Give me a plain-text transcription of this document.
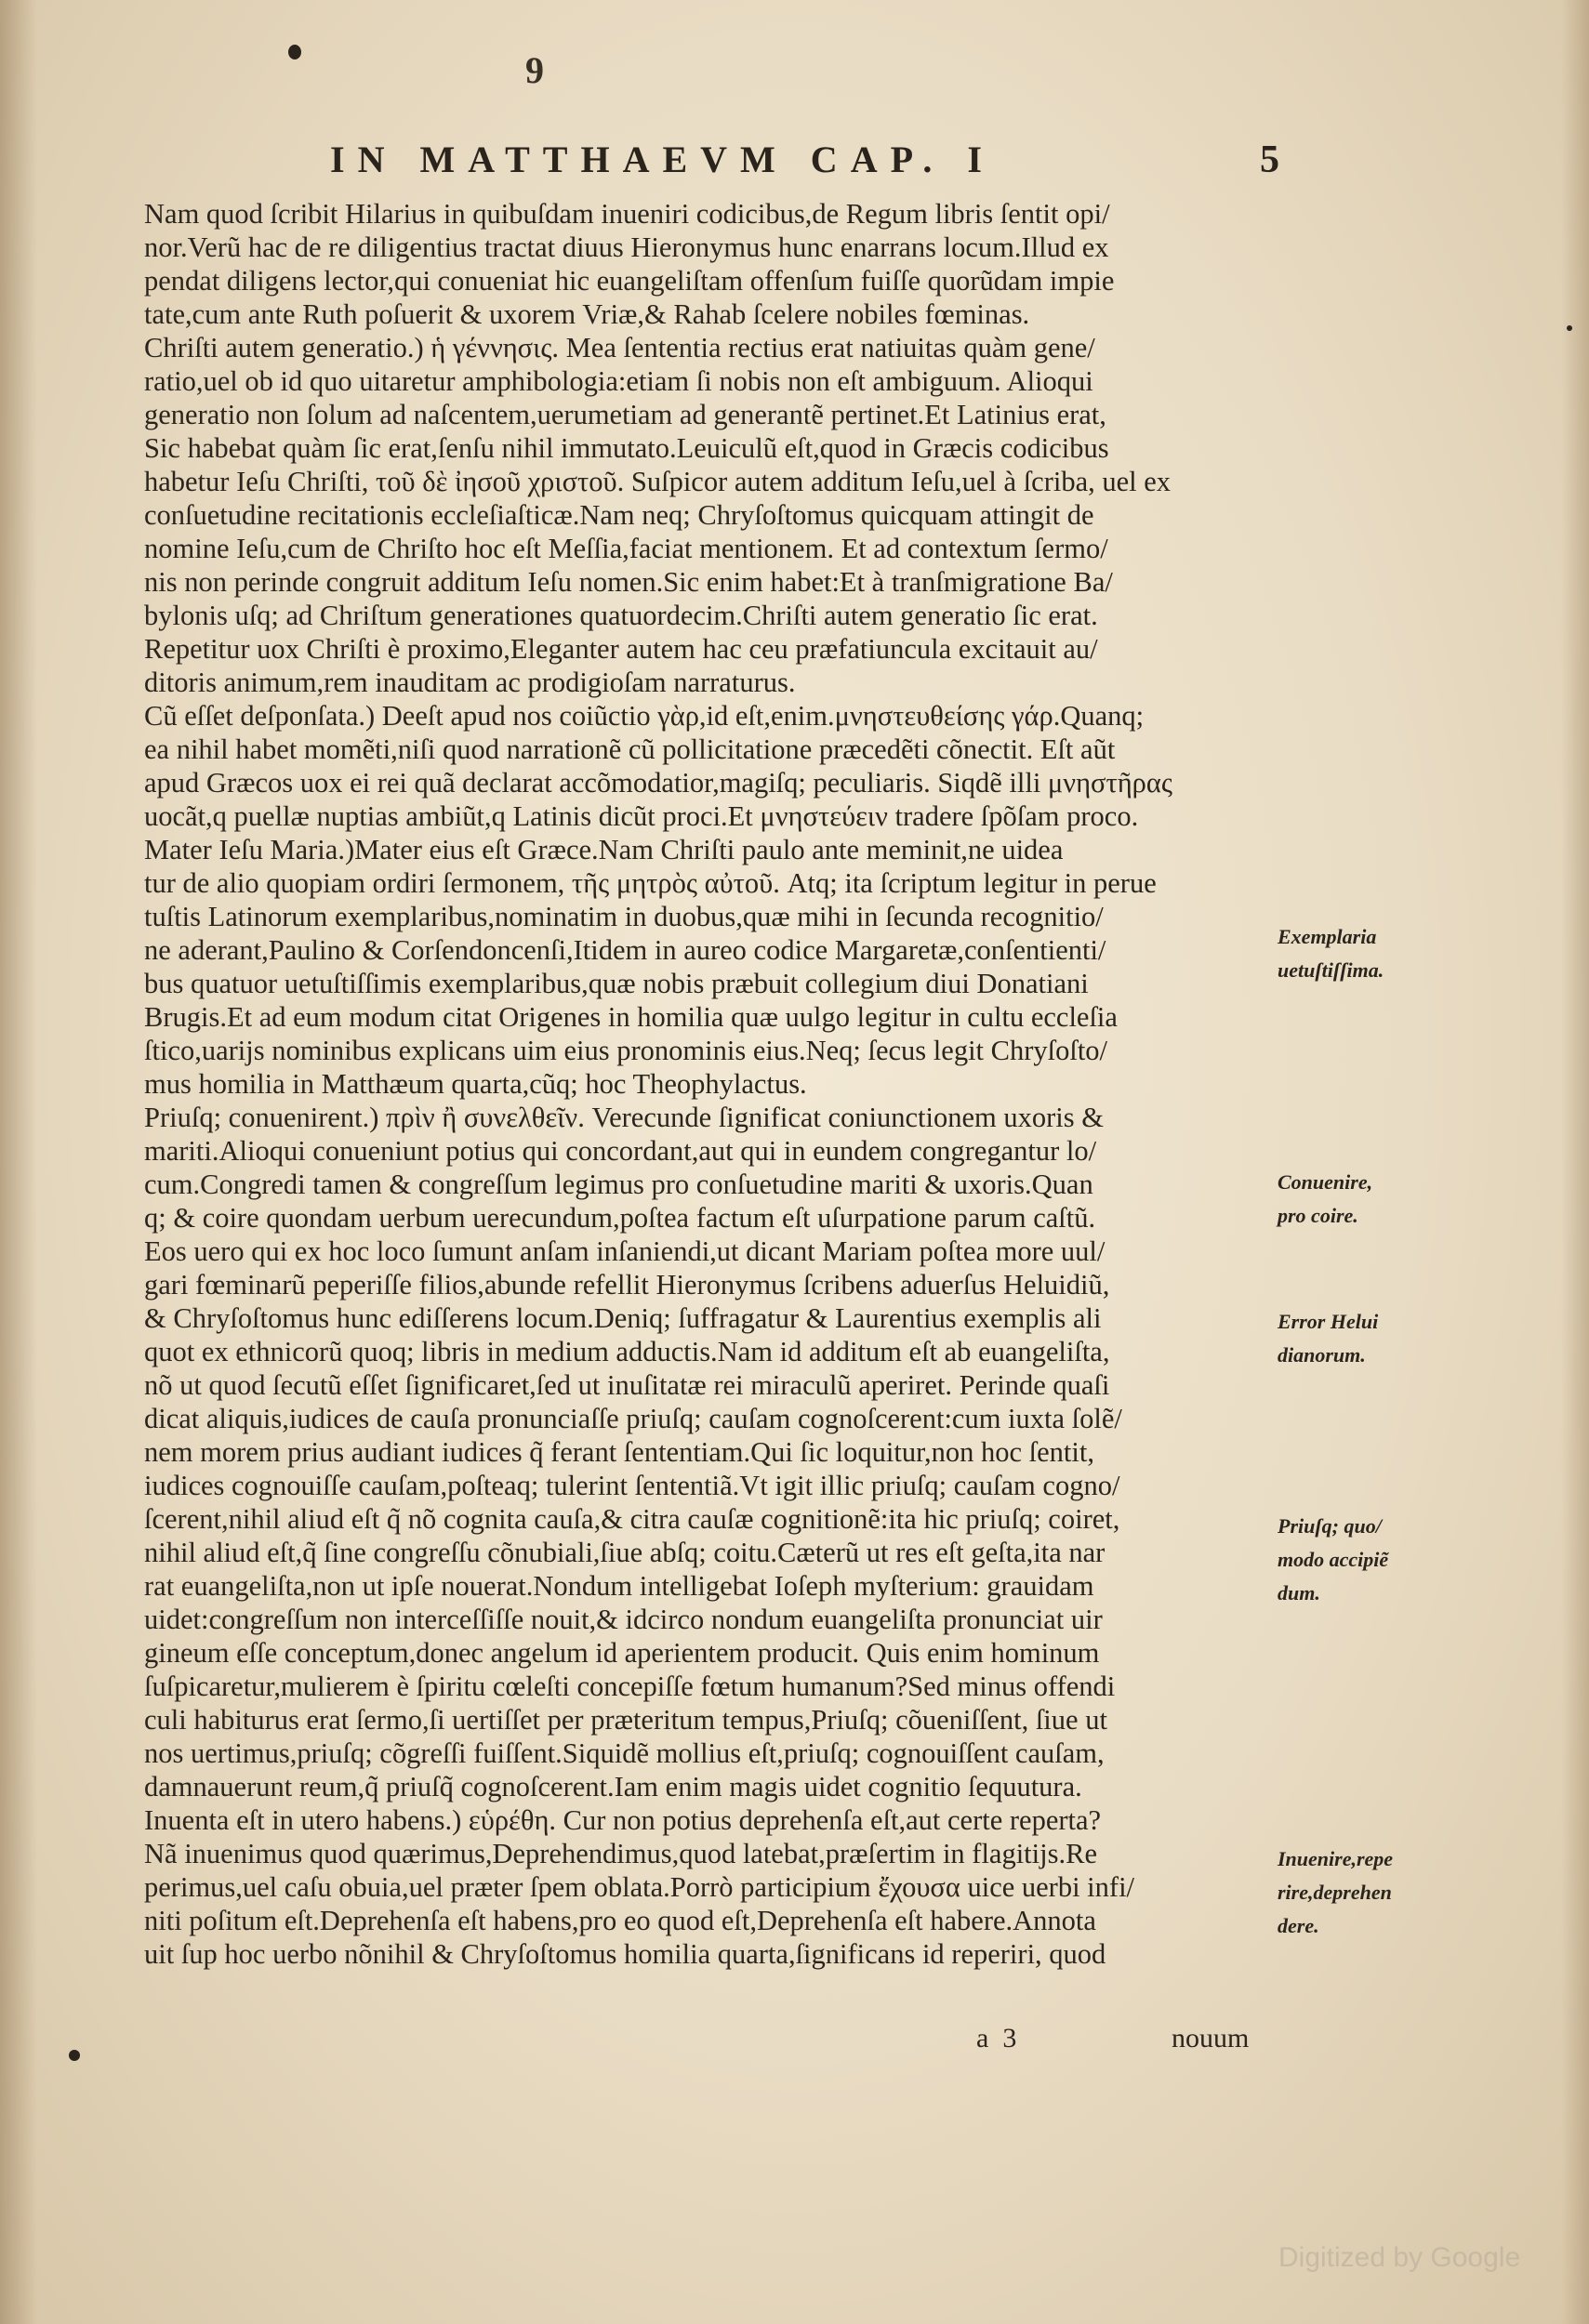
9
IN MATTHAEVM CAP. I	5
Nam quod ſcribit Hilarius in quibuſdam inueniri codicibus,de Regum libris ſentit opi/
nor.Verũ hac de re diligentius tractat diuus Hieronymus hunc enarrans locum.Illud ex
pendat diligens lector,qui conueniat hic euangeliſtam offenſum fuiſſe quorũdam impie
tate,cum ante Ruth poſuerit & uxorem Vriæ,& Rahab ſcelere nobiles fœminas.
Chriſti autem generatio.) ἡ γέννησις. Mea ſententia rectius erat natiuitas quàm gene/
ratio,uel ob id quo uitaretur amphibologia:etiam ſi nobis non eſt ambiguum. Alioqui
generatio non ſolum ad naſcentem,uerumetiam ad generantẽ pertinet.Et Latinius erat,
Sic habebat quàm ſic erat,ſenſu nihil immutato.Leuiculũ eſt,quod in Græcis codicibus
habetur Ieſu Chriſti, τοῦ δὲ ἰησοῦ χριστοῦ. Suſpicor autem additum Ieſu,uel à ſcriba, uel ex
conſuetudine recitationis eccleſiaſticæ.Nam neq; Chryſoſtomus quicquam attingit de
nomine Ieſu,cum de Chriſto hoc eſt Meſſia,faciat mentionem. Et ad contextum ſermo/
nis non perinde congruit additum Ieſu nomen.Sic enim habet:Et à tranſmigratione Ba/
bylonis uſq; ad Chriſtum generationes quatuordecim.Chriſti autem generatio ſic erat.
Repetitur uox Chriſti è proximo,Eleganter autem hac ceu præfatiuncula excitauit au/
ditoris animum,rem inauditam ac prodigioſam narraturus.
Cũ eſſet deſponſata.) Deeſt apud nos coiũctio γὰρ,id eſt,enim.μνηστευθείσης γάρ.Quanq;
ea nihil habet momẽti,niſi quod narrationẽ cũ pollicitatione præcedẽti cõnectit. Eſt aũt
apud Græcos uox ei rei quã declarat accõmodatior,magiſq; peculiaris. Siqdẽ illi μνηστῆρας
uocãt,q puellæ nuptias ambiũt,q Latinis dicũt proci.Et μνηστεύειν tradere ſpõſam proco.
Mater Ieſu Maria.)Mater eius eſt Græce.Nam Chriſti paulo ante meminit,ne uidea
tur de alio quopiam ordiri ſermonem, τῆς μητρὸς αὐτοῦ. Atq; ita ſcriptum legitur in perue
tuſtis Latinorum exemplaribus,nominatim in duobus,quæ mihi in ſecunda recognitio/
ne aderant,Paulino & Corſendoncenſi,Itidem in aureo codice Margaretæ,conſentienti/
bus quatuor uetuſtiſſimis exemplaribus,quæ nobis præbuit collegium diui Donatiani
Brugis.Et ad eum modum citat Origenes in homilia quæ uulgo legitur in cultu eccleſia
ſtico,uarijs nominibus explicans uim eius pronominis eius.Neq; ſecus legit Chryſoſto/
mus homilia in Matthæum quarta,cũq; hoc Theophylactus.
Priuſq; conuenirent.) πρὶν ἢ συνελθεῖν. Verecunde ſignificat coniunctionem uxoris &
mariti.Alioqui conueniunt potius qui concordant,aut qui in eundem congregantur lo/
cum.Congredi tamen & congreſſum legimus pro conſuetudine mariti & uxoris.Quan
q; & coire quondam uerbum uerecundum,poſtea factum eſt uſurpatione parum caſtũ.
Eos uero qui ex hoc loco ſumunt anſam inſaniendi,ut dicant Mariam poſtea more uul/
gari fœminarũ peperiſſe filios,abunde refellit Hieronymus ſcribens aduerſus Heluidiũ,
& Chryſoſtomus hunc ediſſerens locum.Deniq; ſuffragatur & Laurentius exemplis ali
quot ex ethnicorũ quoq; libris in medium adductis.Nam id additum eſt ab euangeliſta,
nõ ut quod ſecutũ eſſet ſignificaret,ſed ut inuſitatæ rei miraculũ aperiret. Perinde quaſi
dicat aliquis,iudices de cauſa pronunciaſſe priuſq; cauſam cognoſcerent:cum iuxta ſolẽ/
nem morem prius audiant iudices q̃ ferant ſententiam.Qui ſic loquitur,non hoc ſentit,
iudices cognouiſſe cauſam,poſteaq; tulerint ſententiã.Vt igit illic priuſq; cauſam cogno/
ſcerent,nihil aliud eſt q̃ nõ cognita cauſa,& citra cauſæ cognitionẽ:ita hic priuſq; coiret,
nihil aliud eſt,q̃ ſine congreſſu cõnubiali,ſiue abſq; coitu.Cæterũ ut res eſt geſta,ita nar
rat euangeliſta,non ut ipſe nouerat.Nondum intelligebat Ioſeph myſterium: grauidam
uidet:congreſſum non interceſſiſſe nouit,& idcirco nondum euangeliſta pronunciat uir
gineum eſſe conceptum,donec angelum id aperientem producit. Quis enim hominum
ſuſpicaretur,mulierem è ſpiritu cœleſti concepiſſe fœtum humanum?Sed minus offendi
culi habiturus erat ſermo,ſi uertiſſet per præteritum tempus,Priuſq; cõueniſſent, ſiue ut
nos uertimus,priuſq; cõgreſſi fuiſſent.Siquidẽ mollius eſt,priuſq; cognouiſſent cauſam,
damnauerunt reum,q̃ priuſq̃ cognoſcerent.Iam enim magis uidet cognitio ſequutura.
Inuenta eſt in utero habens.) εὑρέθη. Cur non potius deprehenſa eſt,aut certe reperta?
Nã inuenimus quod quærimus,Deprehendimus,quod latebat,præſertim in flagitijs.Re
perimus,uel caſu obuia,uel præter ſpem oblata.Porrò participium ἔχουσα uice uerbi infi/
niti poſitum eſt.Deprehenſa eſt habens,pro eo quod eſt,Deprehenſa eſt habere.Annota
uit ſup hoc uerbo nõnihil & Chryſoſtomus homilia quarta,ſignificans id reperiri, quod
Exemplaria
uetuſtiſſima.
Conuenire,
pro coire.
Error Helui
dianorum.
Priuſq; quo/
modo accipiẽ
dum.
Inuenire,repe
rire,deprehen
dere.
a  3	nouum
Digitized by Google
